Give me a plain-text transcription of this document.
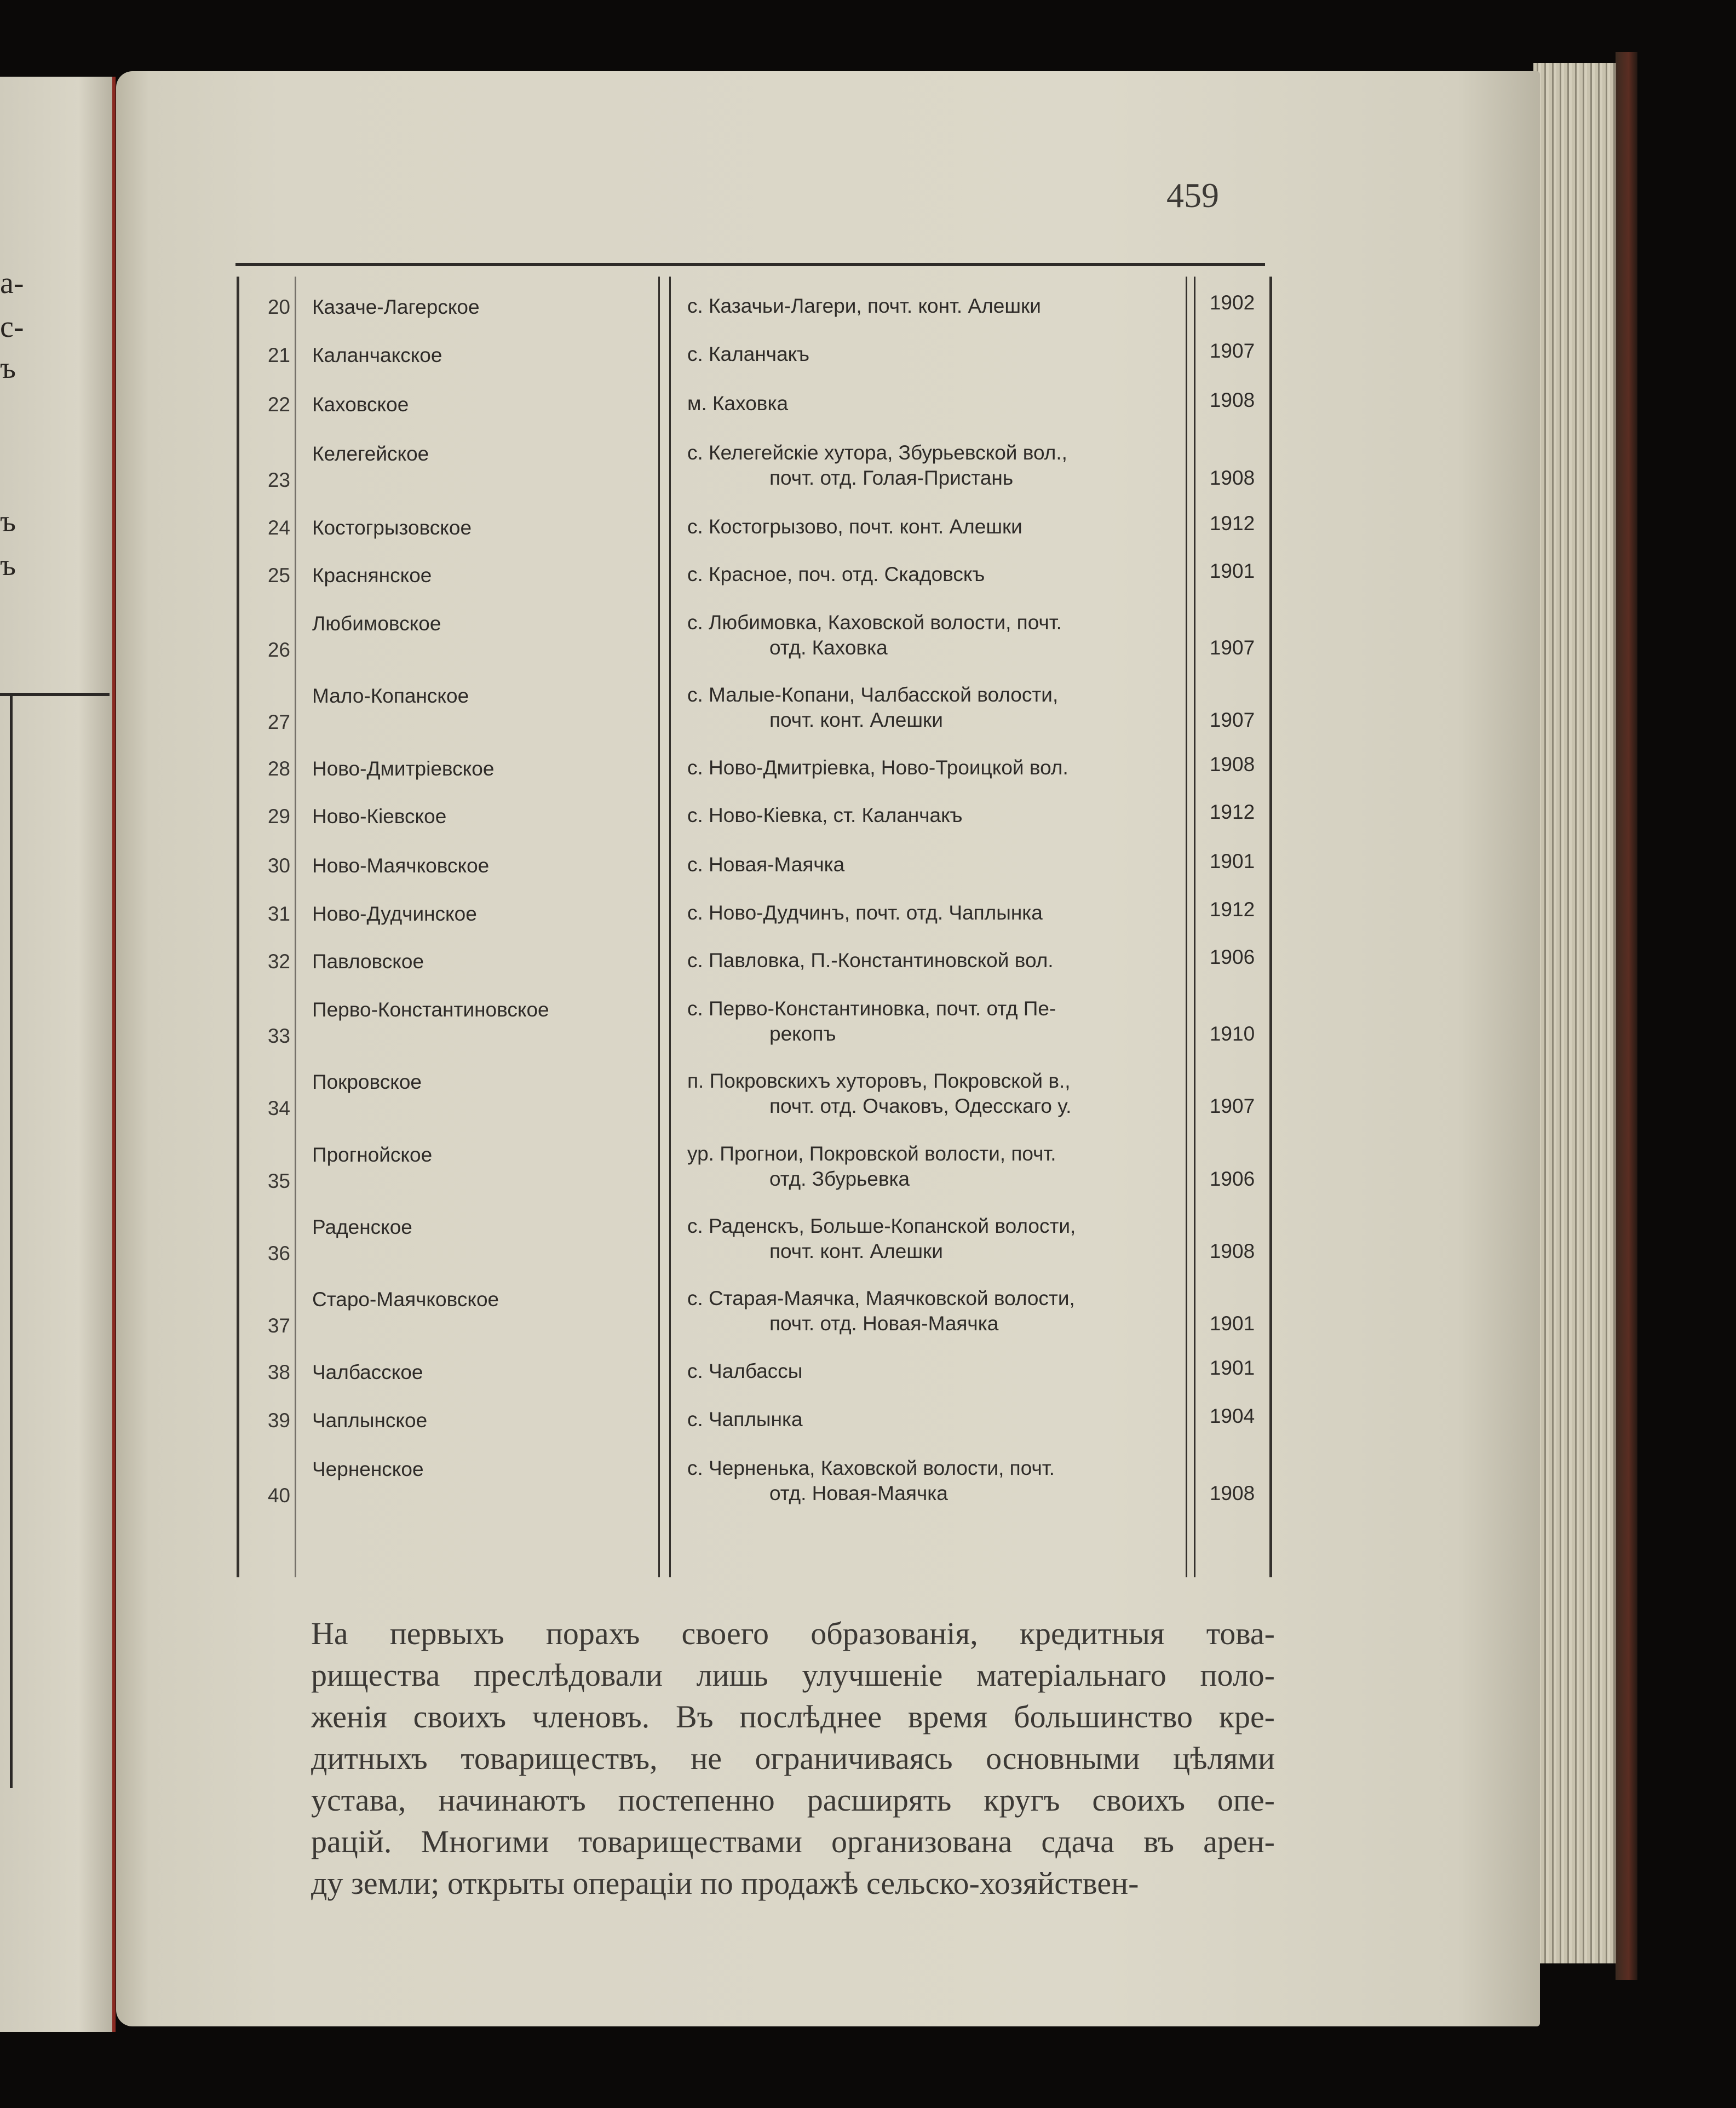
а-
с-
ъ
ъ
ъ
459
20 Казаче-Лагерское	с. Казачьи-Лагери, почт. конт. Алешки	1902
21 Каланчакское	с. Каланчакъ	1907
22 Каховское	м. Каховка	1908
23
Келегейское	с. Келегейскіе хутора, Збурьевской вол.,
почт. отд. Голая-Пристань	1908
24 Костогрызовское	с. Костогрызово, почт. конт. Алешки	1912
25 Краснянское	с. Красное, поч. отд. Скадовскъ	1901
26
Любимовское	с. Любимовка, Каховской волости, почт.
отд. Каховка	1907
27
Мало-Копанское	с. Малые-Копани, Чалбасской волости,
почт. конт. Алешки	1907
28 Ново-Дмитріевское	с. Ново-Дмитріевка, Ново-Троицкой вол.	1908
29 Ново-Кіевское	с. Ново-Кіевка, ст. Каланчакъ	1912
30 Ново-Маячковское	с. Новая-Маячка	1901
31 Ново-Дудчинское	с. Ново-Дудчинъ, почт. отд. Чаплынка	1912
32 Павловское	с. Павловка, П.-Константиновской вол.	1906
33
Перво-Константиновское	с. Перво-Константиновка, почт. отд Пе-
рекопъ	1910
34
Покровское	п. Покровскихъ хуторовъ, Покровской в.,
почт. отд. Очаковъ, Одесскаго у.	1907
35
Прогнойское	ур. Прогнои, Покровской волости, почт.
отд. Збурьевка	1906
36
Раденское	с. Раденскъ, Больше-Копанской волости,
почт. конт. Алешки	1908
37
Старо-Маячковское	с. Старая-Маячка, Маячковской волости,
почт. отд. Новая-Маячка	1901
38 Чалбасское	с. Чалбассы	1901
39 Чаплынское	с. Чаплынка	1904
40
Черненское	с. Черненька, Каховской волости, почт.
отд. Новая-Маячка	1908
На первыхъ порахъ своего образованія, кредитныя това-
рищества преслѣдовали лишь улучшеніе матеріальнаго поло-
женія своихъ членовъ. Въ послѣднее время большинство кре-
дитныхъ товариществъ, не ограничиваясь основными цѣлями
устава, начинаютъ постепенно расширять кругъ своихъ опе-
рацій. Многими товариществами организована сдача въ арен-
ду земли; открыты операціи по продажѣ сельско-хозяйствен-
